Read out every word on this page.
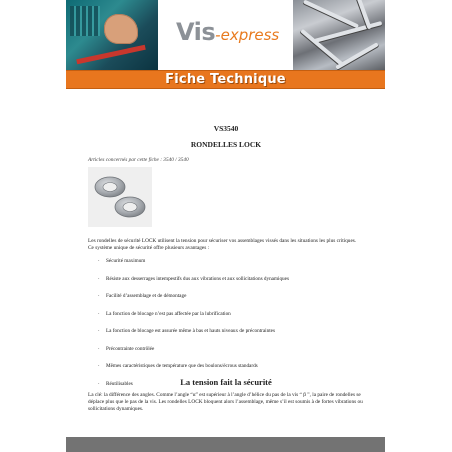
Vis-express
Fiche Technique
VS3540
RONDELLES LOCK
Articles concernés par cette fiche : 3540 / 3540
Les rondelles de sécurité LOCK utilisent la tension pour sécuriser vos assemblages vissés dans les situations les plus critiques. Ce système unique de sécurité offre plusieurs avantages :
· Sécurité maximum
· Résiste aux desserrages intempestifs dus aux vibrations et aux sollicitations dynamiques
· Facilité d’assemblage et de démontage
· La fonction de blocage n’est pas affectée par la lubrification
· La fonction de blocage est assurée même à bas et hauts niveaux de précontraintes
· Précontrainte contrôlée
· Mêmes caractéristiques de température que des boulons/écrous standards
· Réutilisables	La tension fait la sécurité
La clé: la différence des angles. Comme l’angle “α” est supérieur à l’angle d’hélice du pas de la vis “ β ”, la paire de rondelles se déplace plus que le pas de la vis. Les rondelles LOCK bloquent alors l’assemblage, même s’il est soumis à de fortes vibrations ou sollicitations dynamiques.
